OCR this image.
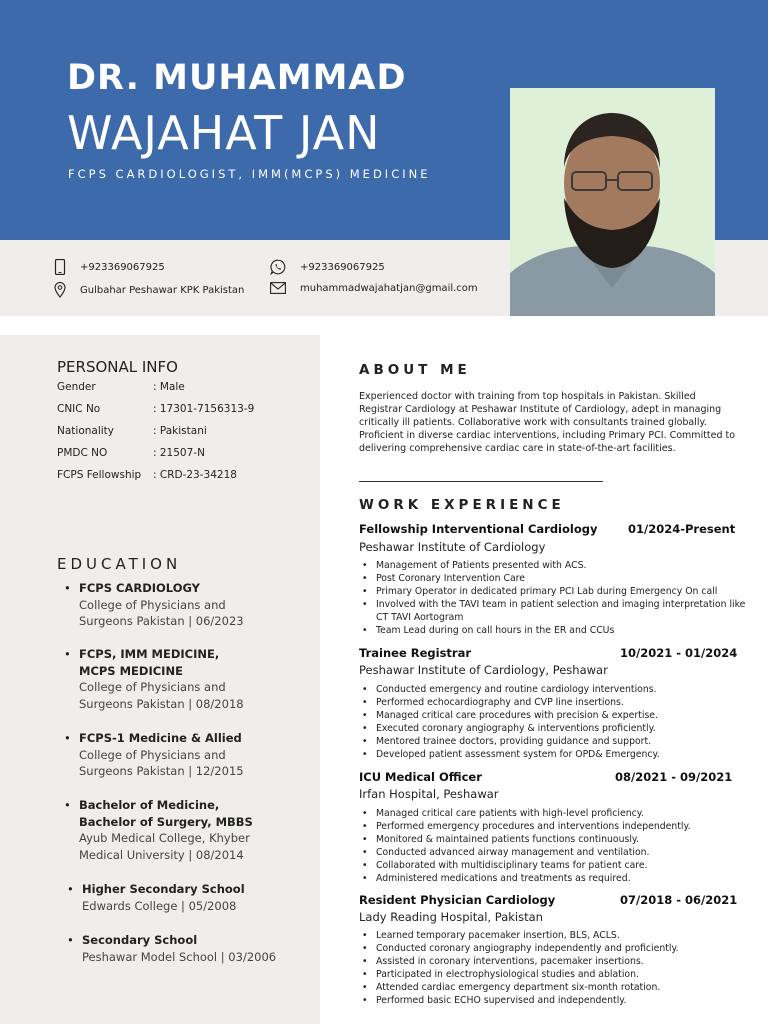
DR. MUHAMMAD
WAJAHAT JAN
FCPS CARDIOLOGIST, IMM(MCPS) MEDICINE
+923369067925
Gulbahar Peshawar KPK Pakistan
+923369067925
muhammadwajahatjan@gmail.com
PERSONAL INFO
Gender	: Male
CNIC No	: 17301-7156313-9
Nationality	: Pakistani
PMDC NO	: 21507-N
FCPS Fellowship : CRD-23-34218
EDUCATION
• FCPS CARDIOLOGY
College of Physicians and
Surgeons Pakistan | 06/2023
• FCPS, IMM MEDICINE,
MCPS MEDICINE
College of Physicians and
Surgeons Pakistan | 08/2018
• FCPS-1 Medicine & Allied
College of Physicians and
Surgeons Pakistan | 12/2015
• Bachelor of Medicine,
Bachelor of Surgery, MBBS
Ayub Medical College, Khyber
Medical University | 08/2014
• Higher Secondary School
Edwards College | 05/2008
• Secondary School
Peshawar Model School | 03/2006
ABOUT ME
Experienced doctor with training from top hospitals in Pakistan. Skilled Registrar Cardiology at Peshawar Institute of Cardiology, adept in managing critically ill patients. Collaborative work with consultants trained globally. Proficient in diverse cardiac interventions, including Primary PCI. Committed to delivering comprehensive cardiac care in state-of-the-art facilities.
WORK EXPERIENCE
Fellowship Interventional Cardiology	01/2024-Present
Peshawar Institute of Cardiology
• Management of Patients presented with ACS.
• Post Coronary Intervention Care
• Primary Operator in dedicated primary PCI Lab during Emergency On call
• Involved with the TAVI team in patient selection and imaging interpretation like CT TAVI Aortogram
• Team Lead during on call hours in the ER and CCUs
Trainee Registrar	10/2021 - 01/2024
Peshawar Institute of Cardiology, Peshawar
• Conducted emergency and routine cardiology interventions.
• Performed echocardiography and CVP line insertions.
• Managed critical care procedures with precision & expertise.
• Executed coronary angiography & interventions proficiently.
• Mentored trainee doctors, providing guidance and support.
• Developed patient assessment system for OPD& Emergency.
ICU Medical Officer	08/2021 - 09/2021
Irfan Hospital, Peshawar
• Managed critical care patients with high-level proficiency.
• Performed emergency procedures and interventions independently.
• Monitored & maintained patients functions continuously.
• Conducted advanced airway management and ventilation.
• Collaborated with multidisciplinary teams for patient care.
• Administered medications and treatments as required.
Resident Physician Cardiology	07/2018 - 06/2021
Lady Reading Hospital, Pakistan
• Learned temporary pacemaker insertion, BLS, ACLS.
• Conducted coronary angiography independently and proficiently.
• Assisted in coronary interventions, pacemaker insertions.
• Participated in electrophysiological studies and ablation.
• Attended cardiac emergency department six-month rotation.
• Performed basic ECHO supervised and independently.
